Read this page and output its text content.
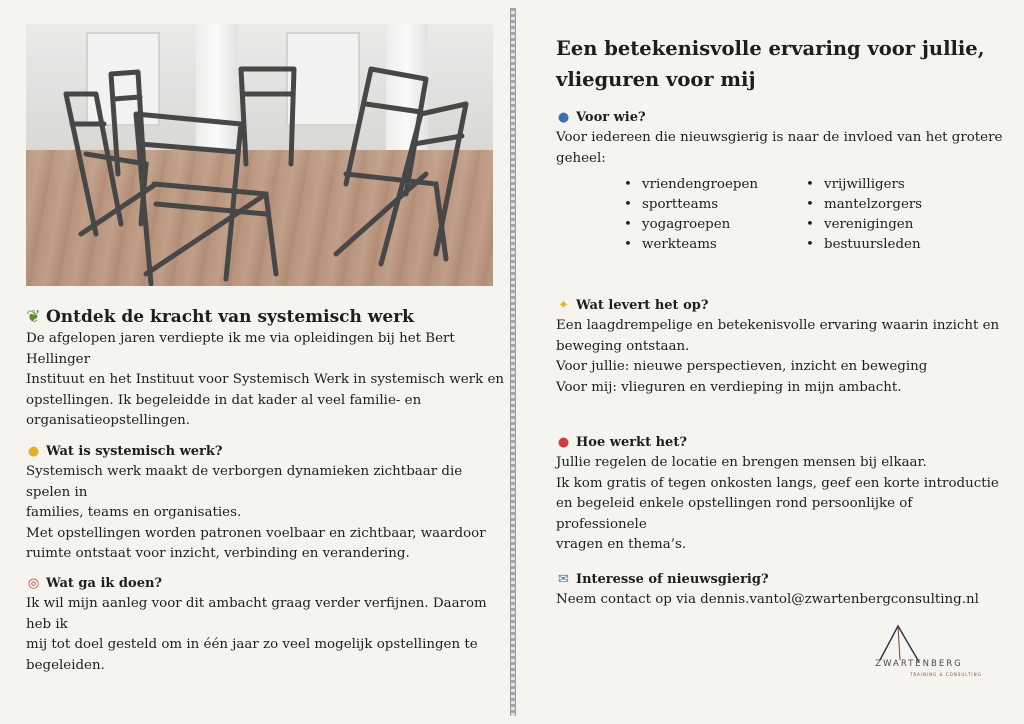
❦ Ontdek de kracht van systemisch werk

De afgelopen jaren verdiepte ik me via opleidingen bij het Bert Hellinger
Instituut en het Instituut voor Systemisch Werk in systemisch werk en
opstellingen. Ik begeleidde in dat kader al veel familie- en
organisatieopstellingen.

● Wat is systemisch werk?

Systemisch werk maakt de verborgen dynamieken zichtbaar die spelen in
families, teams en organisaties.
Met opstellingen worden patronen voelbaar en zichtbaar, waardoor
ruimte ontstaat voor inzicht, verbinding en verandering.

◎ Wat ga ik doen?

Ik wil mijn aanleg voor dit ambacht graag verder verfijnen. Daarom heb ik
mij tot doel gesteld om in één jaar zo veel mogelijk opstellingen te
begeleiden.

Een betekenisvolle ervaring voor jullie,

vlieguren voor mij

● Voor wie?

Voor iedereen die nieuwsgierig is naar de invloed van het grotere
geheel:

• vriendengroepen
• sportteams
• yogagroepen
• werkteams
• vrijwilligers
• mantelzorgers
• verenigingen
• bestuursleden

✦ Wat levert het op?

Een laagdrempelige en betekenisvolle ervaring waarin inzicht en
beweging ontstaan.
Voor jullie: nieuwe perspectieven, inzicht en beweging
Voor mij: vlieguren en verdieping in mijn ambacht.

● Hoe werkt het?

Jullie regelen de locatie en brengen mensen bij elkaar.
Ik kom gratis of tegen onkosten langs, geef een korte introductie
en begeleid enkele opstellingen rond persoonlijke of professionele
vragen en thema’s.

✉ Interesse of nieuwsgierig?

Neem contact op via dennis.vantol@zwartenbergconsulting.nl

ZWARTENBERG
TRAINING & CONSULTING
